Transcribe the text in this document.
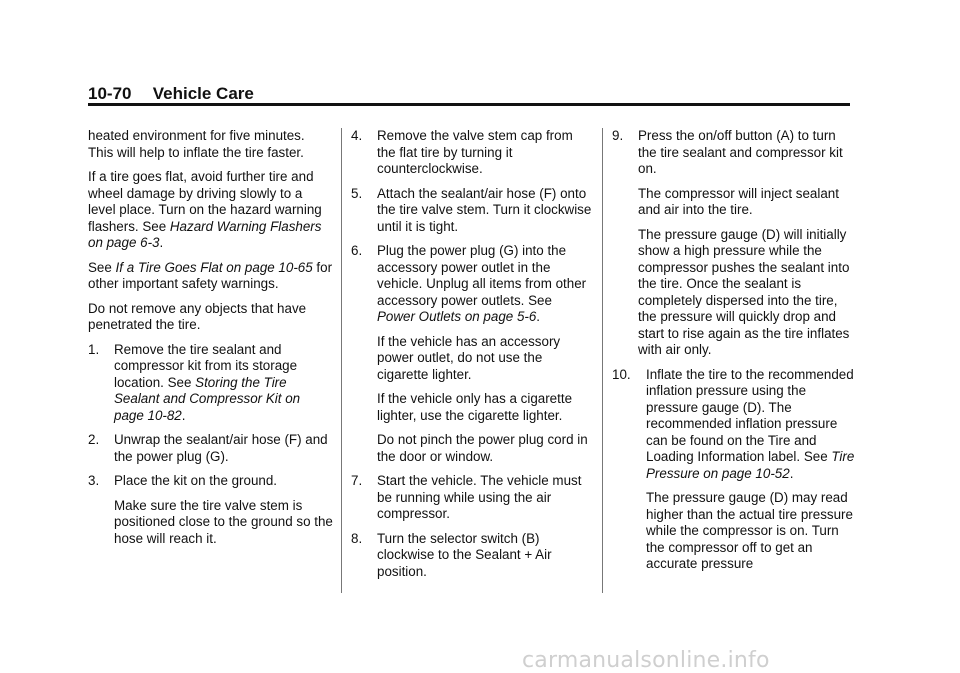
10-70 Vehicle Care

heated environment for five minutes. This will help to inflate the tire faster.

If a tire goes flat, avoid further tire and wheel damage by driving slowly to a level place. Turn on the hazard warning flashers. See Hazard Warning Flashers on page 6-3.

See If a Tire Goes Flat on page 10-65 for other important safety warnings.

Do not remove any objects that have penetrated the tire.

1. Remove the tire sealant and compressor kit from its storage location. See Storing the Tire Sealant and Compressor Kit on page 10-82.
2. Unwrap the sealant/air hose (F) and the power plug (G).
3. Place the kit on the ground.
Make sure the tire valve stem is positioned close to the ground so the hose will reach it.
4. Remove the valve stem cap from the flat tire by turning it counterclockwise.
5. Attach the sealant/air hose (F) onto the tire valve stem. Turn it clockwise until it is tight.
6. Plug the power plug (G) into the accessory power outlet in the vehicle. Unplug all items from other accessory power outlets. See Power Outlets on page 5-6.
If the vehicle has an accessory power outlet, do not use the cigarette lighter.
If the vehicle only has a cigarette lighter, use the cigarette lighter.
Do not pinch the power plug cord in the door or window.
7. Start the vehicle. The vehicle must be running while using the air compressor.
8. Turn the selector switch (B) clockwise to the Sealant + Air position.
9. Press the on/off button (A) to turn the tire sealant and compressor kit on.
The compressor will inject sealant and air into the tire.
The pressure gauge (D) will initially show a high pressure while the compressor pushes the sealant into the tire. Once the sealant is completely dispersed into the tire, the pressure will quickly drop and start to rise again as the tire inflates with air only.
10. Inflate the tire to the recommended inflation pressure using the pressure gauge (D). The recommended inflation pressure can be found on the Tire and Loading Information label. See Tire Pressure on page 10-52.
The pressure gauge (D) may read higher than the actual tire pressure while the compressor is on. Turn the compressor off to get an accurate pressure
carmanualsonline.info
